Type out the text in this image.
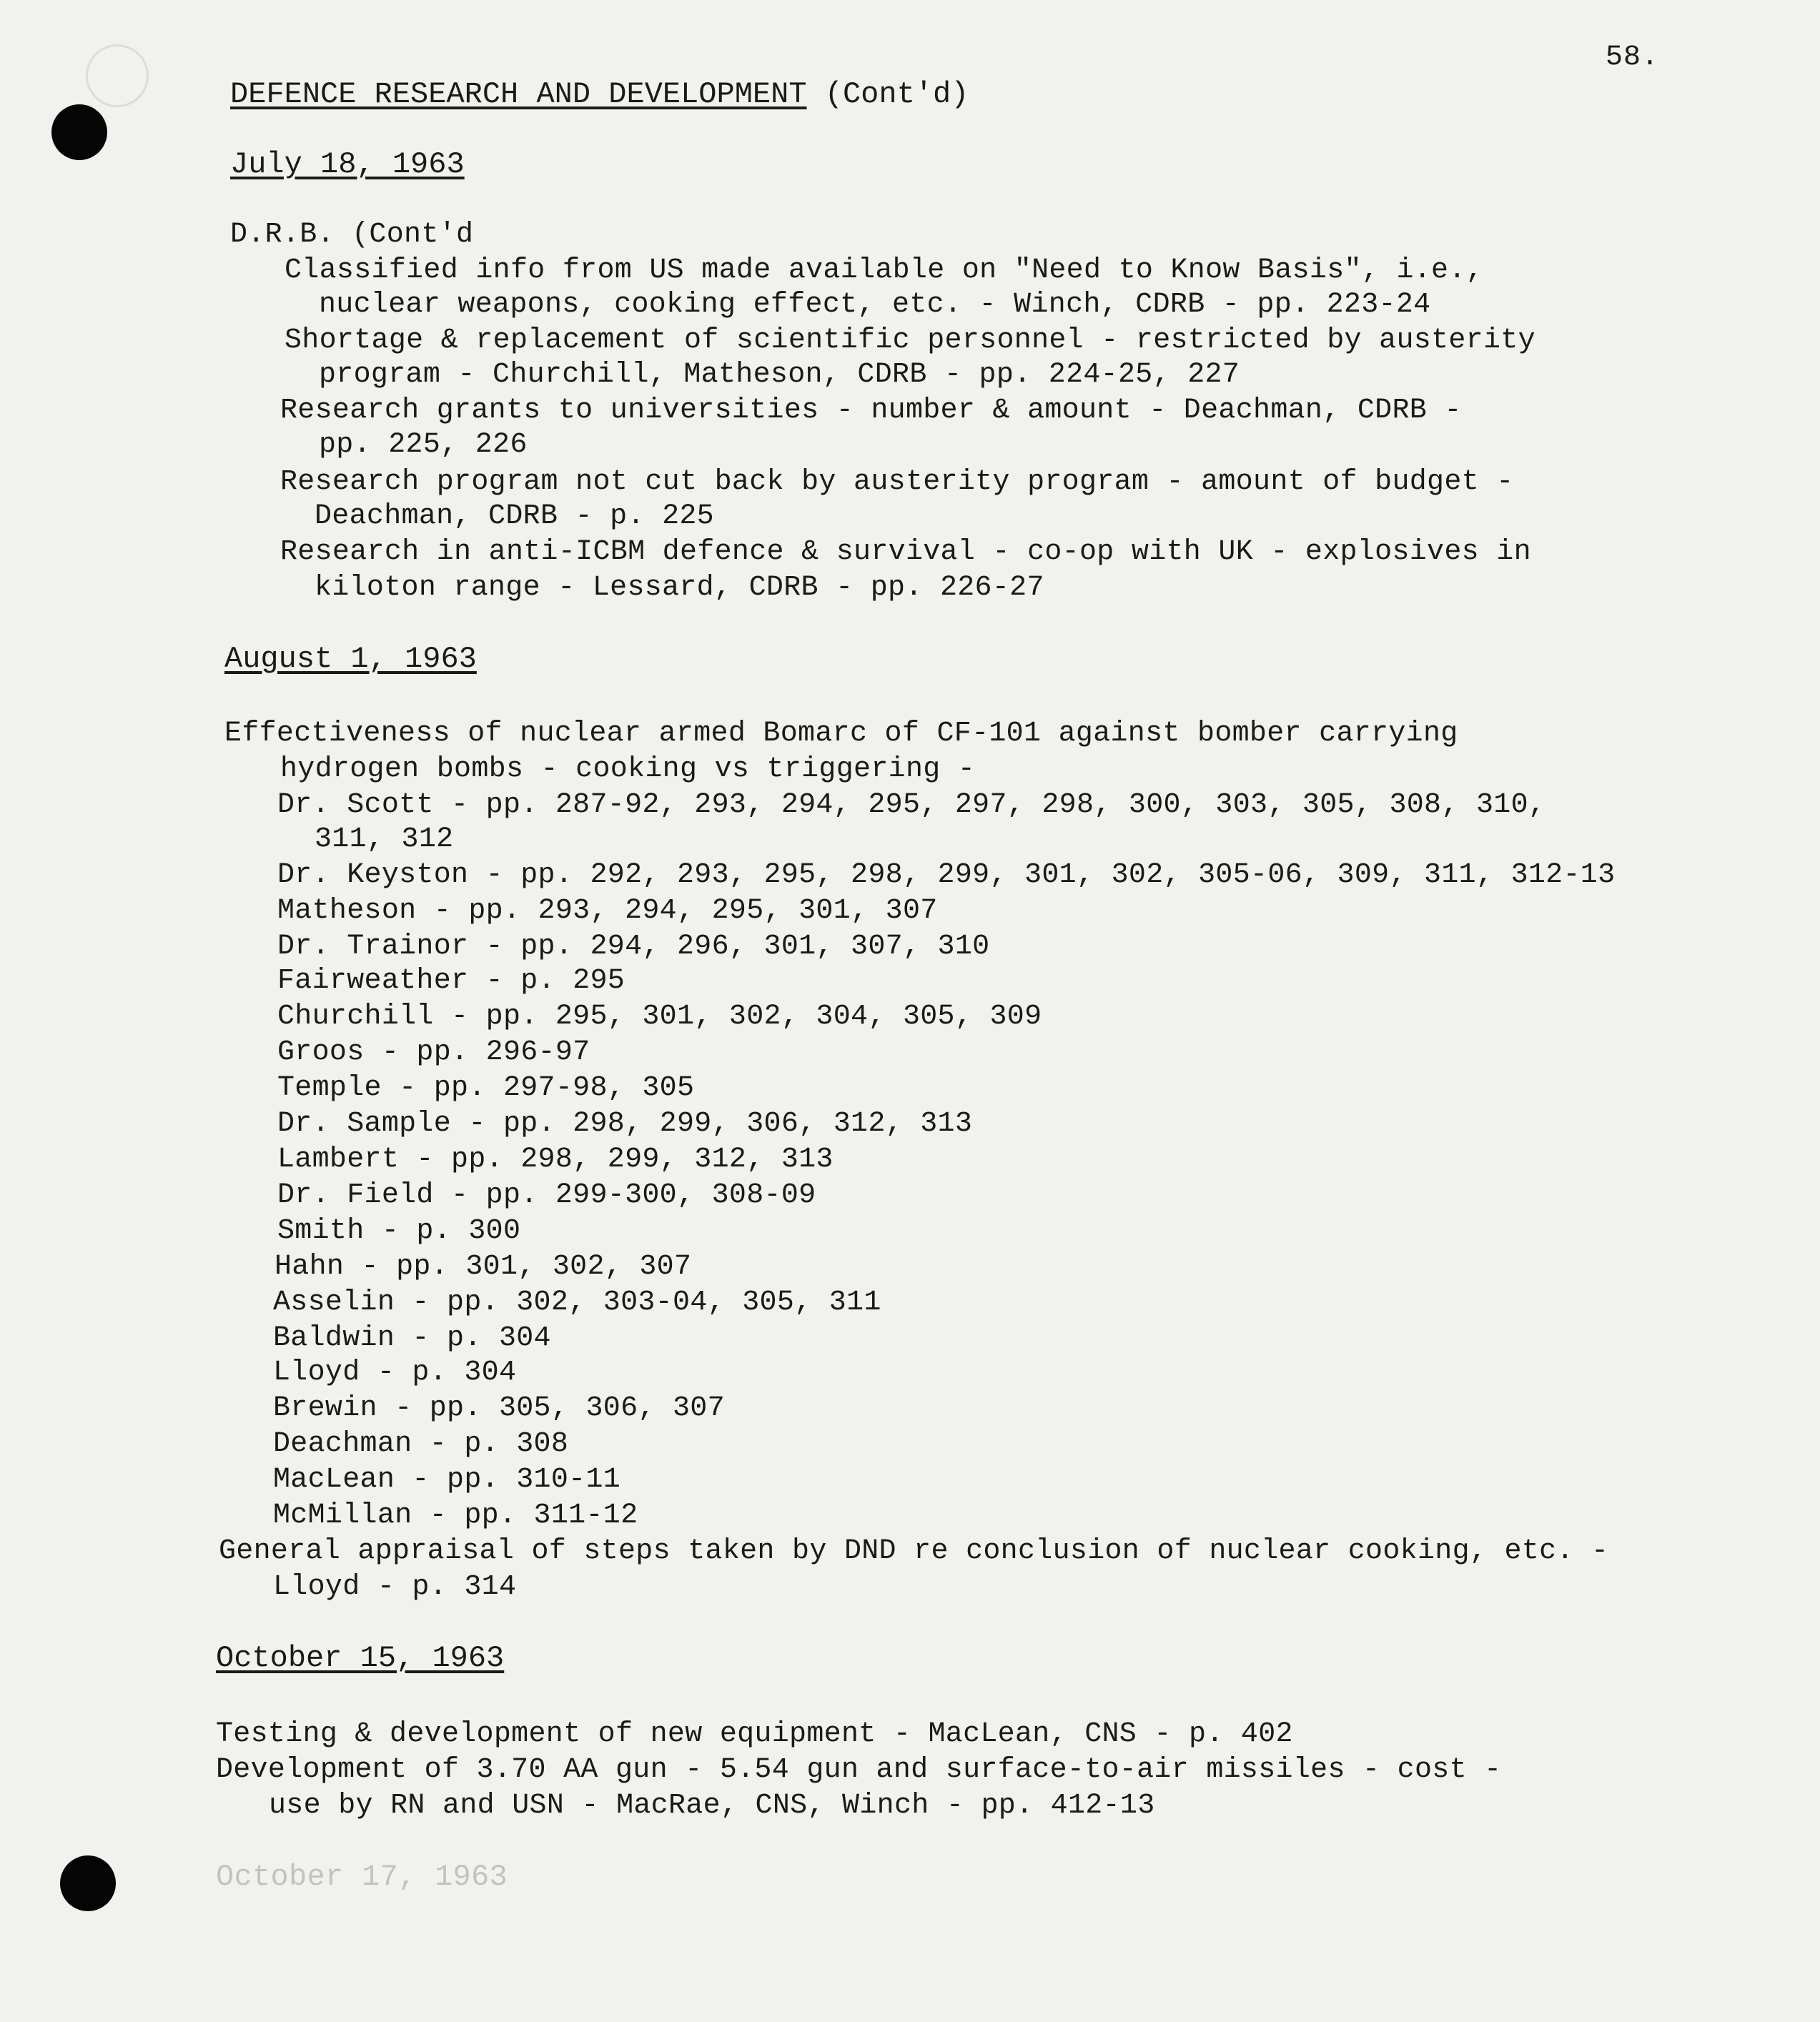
58.
DEFENCE RESEARCH AND DEVELOPMENT (Cont'd)
July 18, 1963
D.R.B. (Cont'd
Classified info from US made available on "Need to Know Basis", i.e.,
nuclear weapons, cooking effect, etc. - Winch, CDRB - pp. 223-24
Shortage & replacement of scientific personnel - restricted by austerity
program - Churchill, Matheson, CDRB - pp. 224-25, 227
Research grants to universities - number & amount - Deachman, CDRB -
pp. 225, 226
Research program not cut back by austerity program - amount of budget -
Deachman, CDRB - p. 225
Research in anti-ICBM defence & survival - co-op with UK - explosives in
kiloton range - Lessard, CDRB - pp. 226-27
August 1, 1963
Effectiveness of nuclear armed Bomarc of CF-101 against bomber carrying
hydrogen bombs - cooking vs triggering -
Dr. Scott - pp. 287-92, 293, 294, 295, 297, 298, 300, 303, 305, 308, 310,
311, 312
Dr. Keyston - pp. 292, 293, 295, 298, 299, 301, 302, 305-06, 309, 311, 312-13
Matheson - pp. 293, 294, 295, 301, 307
Dr. Trainor - pp. 294, 296, 301, 307, 310
Fairweather - p. 295
Churchill - pp. 295, 301, 302, 304, 305, 309
Groos - pp. 296-97
Temple - pp. 297-98, 305
Dr. Sample - pp. 298, 299, 306, 312, 313
Lambert - pp. 298, 299, 312, 313
Dr. Field - pp. 299-300, 308-09
Smith - p. 300
Hahn - pp. 301, 302, 307
Asselin - pp. 302, 303-04, 305, 311
Baldwin - p. 304
Lloyd - p. 304
Brewin - pp. 305, 306, 307
Deachman - p. 308
MacLean - pp. 310-11
McMillan - pp. 311-12
General appraisal of steps taken by DND re conclusion of nuclear cooking, etc. -
Lloyd - p. 314
October 15, 1963
Testing & development of new equipment - MacLean, CNS - p. 402
Development of 3.70 AA gun - 5.54 gun and surface-to-air missiles - cost -
use by RN and USN - MacRae, CNS, Winch - pp. 412-13
October 17, 1963
